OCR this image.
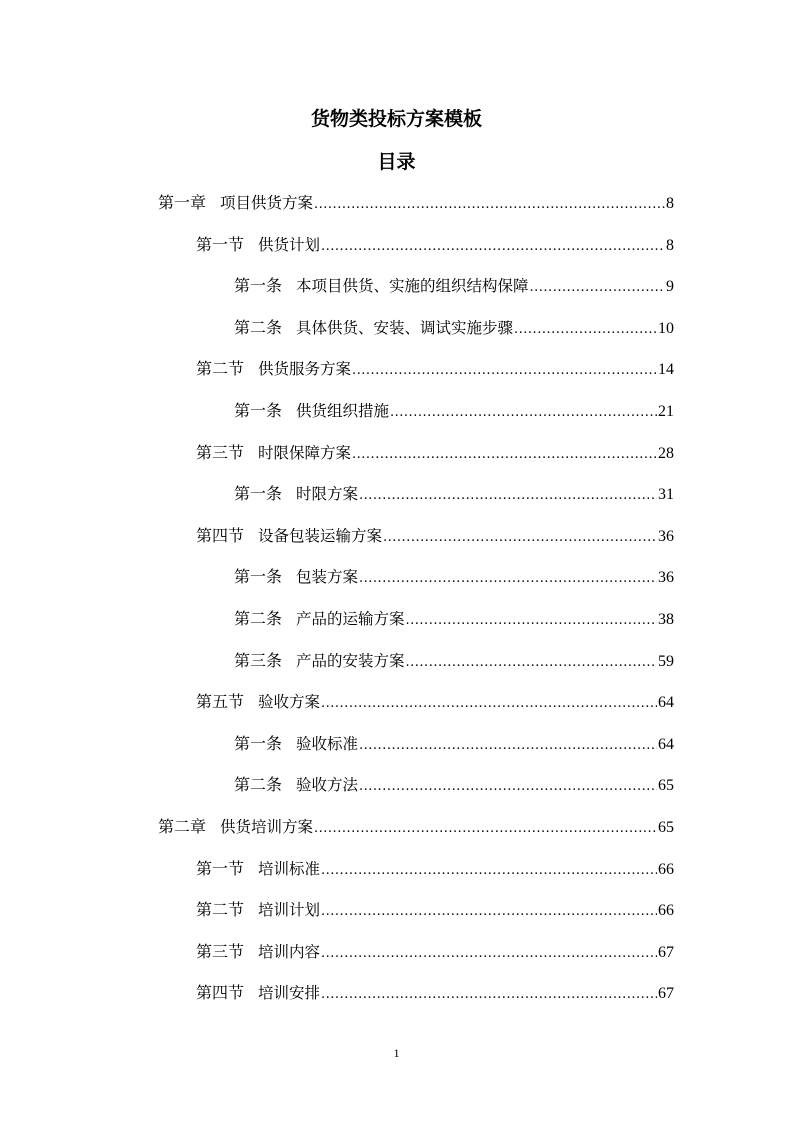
货物类投标方案模板
目录
第一章 项目供货方案 .....	8
第一节 供货计划 .....	8
第一条 本项目供货、实施的组织结构保障 .....	9
第二条 具体供货、安装、调试实施步骤 .....	10
第二节 供货服务方案 .....	14
第一条 供货组织措施 .....	21
第三节 时限保障方案 .....	28
第一条 时限方案 .....	31
第四节 设备包装运输方案 .....	36
第一条 包装方案 .....	36
第二条 产品的运输方案 .....	38
第三条 产品的安装方案 .....	59
第五节 验收方案 .....	64
第一条 验收标准 .....	64
第二条 验收方法 .....	65
第二章 供货培训方案 .....	65
第一节 培训标准 .....	66
第二节 培训计划 .....	66
第三节 培训内容 .....	67
第四节 培训安排 .....	67
1
